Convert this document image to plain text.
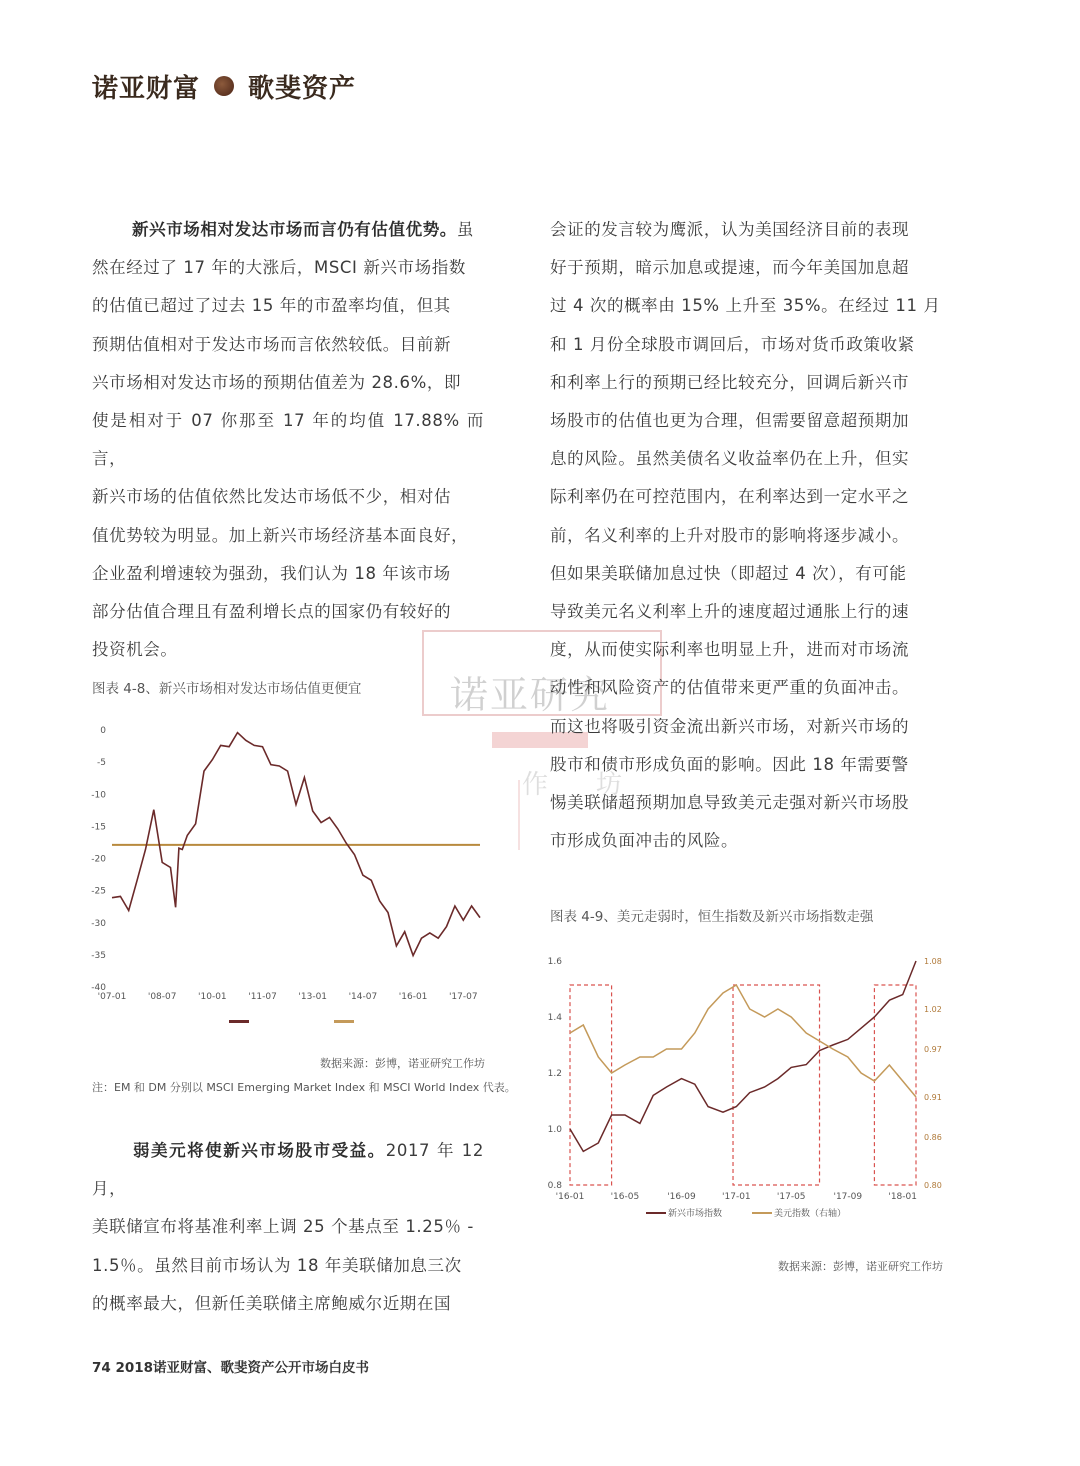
诺亚财富 歌斐资产
诺亚研究
作坊

新兴市场相对发达市场而言仍有估值优势。虽

然在经过了 17 年的大涨后，MSCI 新兴市场指数

的估值已超过了过去 15 年的市盈率均值，但其

预期估值相对于发达市场而言依然较低。目前新

兴市场相对发达市场的预期估值差为 28.6%，即

使是相对于 07 你那至 17 年的均值 17.88% 而言，

新兴市场的估值依然比发达市场低不少，相对估

值优势较为明显。加上新兴市场经济基本面良好，

企业盈利增速较为强劲，我们认为 18 年该市场

部分估值合理且有盈利增长点的国家仍有较好的

投资机会。

图表 4-8、新兴市场相对发达市场估值更便宜
0
-5
-10
-15
-20
-25
-30
-35
-40
'07-01 '08-07 '10-01 '11-07 '13-01 '14-07 '16-01 '17-07
数据来源：彭博，诺亚研究工作坊
注：EM 和 DM 分别以 MSCI Emerging Market Index 和 MSCI World Index 代表。

弱美元将使新兴市场股市受益。2017 年 12 月，

美联储宣布将基准利率上调 25 个基点至 1.25％ -

1.5％。虽然目前市场认为 18 年美联储加息三次

的概率最大，但新任美联储主席鲍威尔近期在国

会证的发言较为鹰派，认为美国经济目前的表现

好于预期，暗示加息或提速，而今年美国加息超

过 4 次的概率由 15% 上升至 35%。在经过 11 月

和 1 月份全球股市调回后，市场对货币政策收紧

和利率上行的预期已经比较充分，回调后新兴市

场股市的估值也更为合理，但需要留意超预期加

息的风险。虽然美债名义收益率仍在上升，但实

际利率仍在可控范围内，在利率达到一定水平之

前，名义利率的上升对股市的影响将逐步减小。

但如果美联储加息过快（即超过 4 次），有可能

导致美元名义利率上升的速度超过通胀上行的速

度，从而使实际利率也明显上升，进而对市场流

动性和风险资产的估值带来更严重的负面冲击。

而这也将吸引资金流出新兴市场，对新兴市场的

股市和债市形成负面的影响。因此 18 年需要警

惕美联储超预期加息导致美元走强对新兴市场股

市形成负面冲击的风险。

图表 4-9、美元走弱时，恒生指数及新兴市场指数走强
0.8
1.0
1.2
1.4
1.6
0.80
0.86
0.91
0.97
1.02
1.08
'16-01	'16-05	'16-09	'17-01	'17-05	'17-09	'18-01
新兴市场指数	美元指数（右轴）
数据来源：彭博，诺亚研究工作坊
74 2018诺亚财富、歌斐资产公开市场白皮书
